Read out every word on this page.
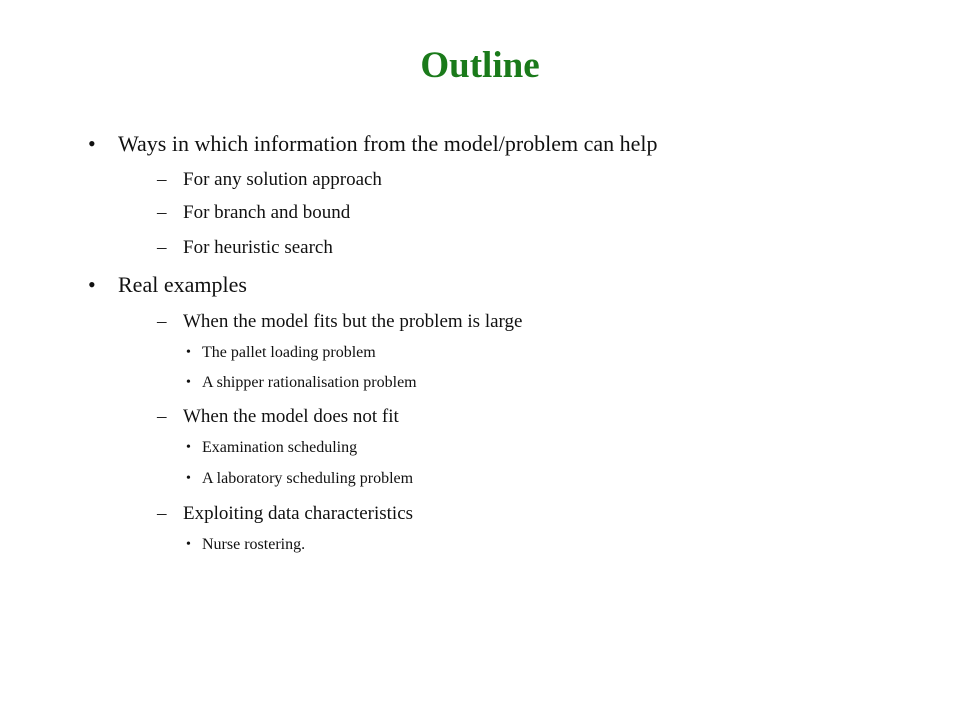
Outline
• Ways in which information from the model/problem can help
– For any solution approach
– For branch and bound
– For heuristic search
• Real examples
– When the model fits but the problem is large
• The pallet loading problem
• A shipper rationalisation problem
– When the model does not fit
• Examination scheduling
• A laboratory scheduling problem
– Exploiting data characteristics
• Nurse rostering.
